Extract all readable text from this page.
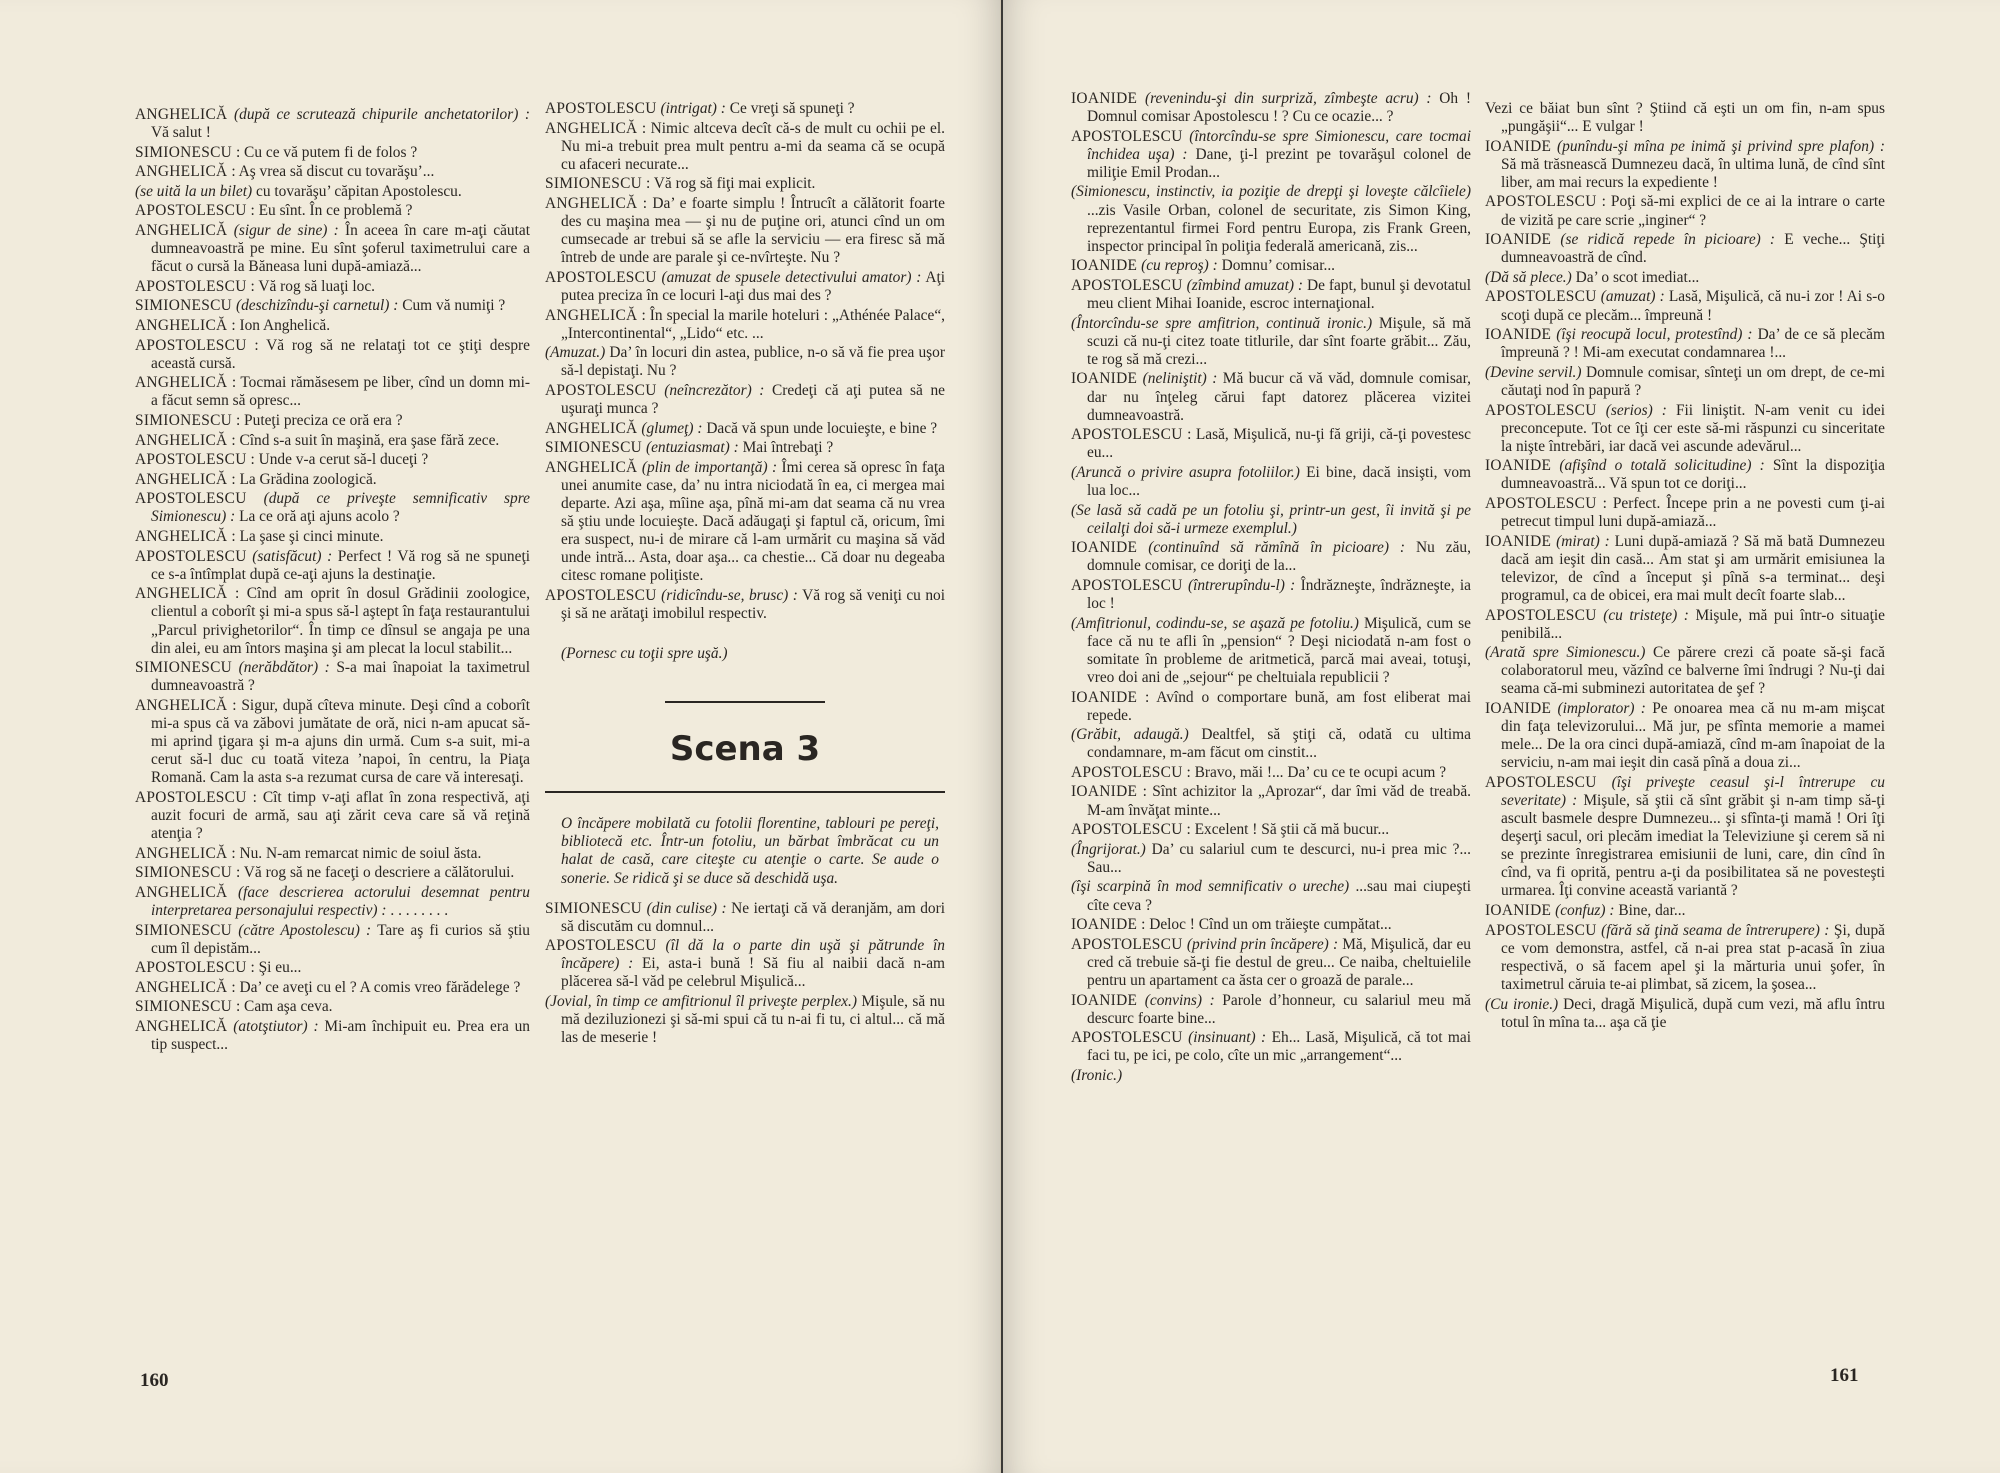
ANGHELICĂ (după ce scrutează chipurile anchetatorilor) : Vă salut !

SIMIONESCU : Cu ce vă putem fi de folos ?

ANGHELICĂ : Aş vrea să discut cu tovarăşu’...

(se uită la un bilet) cu tovarăşu’ căpitan Apostolescu.

APOSTOLESCU : Eu sînt. În ce problemă ?

ANGHELICĂ (sigur de sine) : În aceea în care m-aţi căutat dumneavoastră pe mine. Eu sînt şoferul taximetrului care a făcut o cursă la Băneasa luni după-amiază...

APOSTOLESCU : Vă rog să luaţi loc.

SIMIONESCU (deschizîndu-şi carnetul) : Cum vă numiţi ?

ANGHELICĂ : Ion Anghelică.

APOSTOLESCU : Vă rog să ne relataţi tot ce ştiţi despre această cursă.

ANGHELICĂ : Tocmai rămăsesem pe liber, cînd un domn mi-a făcut semn să opresc...

SIMIONESCU : Puteţi preciza ce oră era ?

ANGHELICĂ : Cînd s-a suit în maşină, era şase fără zece.

APOSTOLESCU : Unde v-a cerut să-l duceţi ?

ANGHELICĂ : La Grădina zoologică.

APOSTOLESCU (după ce priveşte semnificativ spre Simionescu) : La ce oră aţi ajuns acolo ?

ANGHELICĂ : La şase şi cinci minute.

APOSTOLESCU (satisfăcut) : Perfect ! Vă rog să ne spuneţi ce s-a întîmplat după ce-aţi ajuns la destinaţie.

ANGHELICĂ : Cînd am oprit în dosul Grădinii zoologice, clientul a coborît şi mi-a spus să-l aştept în faţa restaurantului „Parcul privighetorilor“. În timp ce dînsul se angaja pe una din alei, eu am întors maşina şi am plecat la locul stabilit...

SIMIONESCU (nerăbdător) : S-a mai înapoiat la taximetrul dumneavoastră ?

ANGHELICĂ : Sigur, după cîteva minute. Deşi cînd a coborît mi-a spus că va zăbovi jumătate de oră, nici n-am apucat să-mi aprind ţigara şi m-a ajuns din urmă. Cum s-a suit, mi-a cerut să-l duc cu toată viteza ’napoi, în centru, la Piaţa Romană. Cam la asta s-a rezumat cursa de care vă interesaţi.

APOSTOLESCU : Cît timp v-aţi aflat în zona respectivă, aţi auzit focuri de armă, sau aţi zărit ceva care să vă reţină atenţia ?

ANGHELICĂ : Nu. N-am remarcat nimic de soiul ăsta.

SIMIONESCU : Vă rog să ne faceţi o descriere a călătorului.

ANGHELICĂ (face descrierea actorului desemnat pentru interpretarea personajului respectiv) : . . . . . . . .

SIMIONESCU (către Apostolescu) : Tare aş fi curios să ştiu cum îl depistăm...

APOSTOLESCU : Şi eu...

ANGHELICĂ : Da’ ce aveţi cu el ? A comis vreo fărădelege ?

SIMIONESCU : Cam aşa ceva.

ANGHELICĂ (atotştiutor) : Mi-am închipuit eu. Prea era un tip suspect...

APOSTOLESCU (intrigat) : Ce vreţi să spuneţi ?

ANGHELICĂ : Nimic altceva decît că-s de mult cu ochii pe el. Nu mi-a trebuit prea mult pentru a-mi da seama că se ocupă cu afaceri necurate...

SIMIONESCU : Vă rog să fiţi mai explicit.

ANGHELICĂ : Da’ e foarte simplu ! Întrucît a călătorit foarte des cu maşina mea — şi nu de puţine ori, atunci cînd un om cumsecade ar trebui să se afle la serviciu — era firesc să mă întreb de unde are parale şi ce-nvîrteşte. Nu ?

APOSTOLESCU (amuzat de spusele detectivului amator) : Aţi putea preciza în ce locuri l-aţi dus mai des ?

ANGHELICĂ : În special la marile hoteluri : „Athénée Palace“, „Intercontinental“, „Lido“ etc. ...

(Amuzat.) Da’ în locuri din astea, publice, n-o să vă fie prea uşor să-l depistaţi. Nu ?

APOSTOLESCU (neîncrezător) : Credeţi că aţi putea să ne uşuraţi munca ?

ANGHELICĂ (glumeţ) : Dacă vă spun unde locuieşte, e bine ?

SIMIONESCU (entuziasmat) : Mai întrebaţi ?

ANGHELICĂ (plin de importanţă) : Îmi cerea să opresc în faţa unei anumite case, da’ nu intra niciodată în ea, ci mergea mai departe. Azi aşa, mîine aşa, pînă mi-am dat seama că nu vrea să ştiu unde locuieşte. Dacă adăugaţi şi faptul că, oricum, îmi era suspect, nu-i de mirare că l-am urmărit cu maşina să văd unde intră... Asta, doar aşa... ca chestie... Că doar nu degeaba citesc romane poliţiste.

APOSTOLESCU (ridicîndu-se, brusc) : Vă rog să veniţi cu noi şi să ne arătaţi imobilul respectiv.

(Pornesc cu toţii spre uşă.)

Scena 3

O încăpere mobilată cu fotolii florentine, tablouri pe pereţi, bibliotecă etc. Într-un fotoliu, un bărbat îmbrăcat cu un halat de casă, care citeşte cu atenţie o carte. Se aude o sonerie. Se ridică şi se duce să deschidă uşa.

SIMIONESCU (din culise) : Ne iertaţi că vă deranjăm, am dori să discutăm cu domnul...

APOSTOLESCU (îl dă la o parte din uşă şi pătrunde în încăpere) : Ei, asta-i bună ! Să fiu al naibii dacă n-am plăcerea să-l văd pe celebrul Mişulică...

(Jovial, în timp ce amfitrionul îl priveşte perplex.) Mişule, să nu mă deziluzionezi şi să-mi spui că tu n-ai fi tu, ci altul... că mă las de meserie !

160

IOANIDE (revenindu-şi din surpriză, zîmbeşte acru) : Oh ! Domnul comisar Apostolescu ! ? Cu ce ocazie... ?

APOSTOLESCU (întorcîndu-se spre Simionescu, care tocmai închidea uşa) : Dane, ţi-l prezint pe tovarăşul colonel de miliţie Emil Prodan...

(Simionescu, instinctiv, ia poziţie de drepţi şi loveşte călcîiele) ...zis Vasile Orban, colonel de securitate, zis Simon King, reprezentantul firmei Ford pentru Europa, zis Frank Green, inspector principal în poliţia federală americană, zis...

IOANIDE (cu reproş) : Domnu’ comisar...

APOSTOLESCU (zîmbind amuzat) : De fapt, bunul şi devotatul meu client Mihai Ioanide, escroc internaţional.

(Întorcîndu-se spre amfitrion, continuă ironic.) Mişule, să mă scuzi că nu-ţi citez toate titlurile, dar sînt foarte grăbit... Zău, te rog să mă crezi...

IOANIDE (neliniştit) : Mă bucur că vă văd, domnule comisar, dar nu înţeleg cărui fapt datorez plăcerea vizitei dumneavoastră.

APOSTOLESCU : Lasă, Mişulică, nu-ţi fă griji, că-ţi povestesc eu...

(Aruncă o privire asupra fotoliilor.) Ei bine, dacă insişti, vom lua loc...

(Se lasă să cadă pe un fotoliu şi, printr-un gest, îi invită şi pe ceilalţi doi să-i urmeze exemplul.)

IOANIDE (continuînd să rămînă în picioare) : Nu zău, domnule comisar, ce doriţi de la...

APOSTOLESCU (întrerupîndu-l) : Îndrăzneşte, îndrăzneşte, ia loc !

(Amfitrionul, codindu-se, se aşază pe fotoliu.) Mişulică, cum se face că nu te afli în „pension“ ? Deşi niciodată n-am fost o somitate în probleme de aritmetică, parcă mai aveai, totuşi, vreo doi ani de „sejour“ pe cheltuiala republicii ?

IOANIDE : Avînd o comportare bună, am fost eliberat mai repede.

(Grăbit, adaugă.) Dealtfel, să ştiţi că, odată cu ultima condamnare, m-am făcut om cinstit...

APOSTOLESCU : Bravo, măi !... Da’ cu ce te ocupi acum ?

IOANIDE : Sînt achizitor la „Aprozar“, dar îmi văd de treabă. M-am învăţat minte...

APOSTOLESCU : Excelent ! Să ştii că mă bucur...

(Îngrijorat.) Da’ cu salariul cum te descurci, nu-i prea mic ?... Sau...

(îşi scarpină în mod semnificativ o ureche) ...sau mai ciupeşti cîte ceva ?

IOANIDE : Deloc ! Cînd un om trăieşte cumpătat...

APOSTOLESCU (privind prin încăpere) : Mă, Mişulică, dar eu cred că trebuie să-ţi fie destul de greu... Ce naiba, cheltuielile pentru un apartament ca ăsta cer o groază de parale...

IOANIDE (convins) : Parole d’honneur, cu salariul meu mă descurc foarte bine...

APOSTOLESCU (insinuant) : Eh... Lasă, Mişulică, că tot mai faci tu, pe ici, pe colo, cîte un mic „arrangement“...

(Ironic.)

Vezi ce băiat bun sînt ? Ştiind că eşti un om fin, n-am spus „pungăşii“... E vulgar !

IOANIDE (punîndu-şi mîna pe inimă şi privind spre plafon) : Să mă trăsnească Dumnezeu dacă, în ultima lună, de cînd sînt liber, am mai recurs la expediente !

APOSTOLESCU : Poţi să-mi explici de ce ai la intrare o carte de vizită pe care scrie „inginer“ ?

IOANIDE (se ridică repede în picioare) : E veche... Ştiţi dumneavoastră de cînd.

(Dă să plece.) Da’ o scot imediat...

APOSTOLESCU (amuzat) : Lasă, Mişulică, că nu-i zor ! Ai s-o scoţi după ce plecăm... împreună !

IOANIDE (îşi reocupă locul, protestînd) : Da’ de ce să plecăm împreună ? ! Mi-am executat condamnarea !...

(Devine servil.) Domnule comisar, sînteţi un om drept, de ce-mi căutaţi nod în papură ?

APOSTOLESCU (serios) : Fii liniştit. N-am venit cu idei preconcepute. Tot ce îţi cer este să-mi răspunzi cu sinceritate la nişte întrebări, iar dacă vei ascunde adevărul...

IOANIDE (afişînd o totală solicitudine) : Sînt la dispoziţia dumneavoastră... Vă spun tot ce doriţi...

APOSTOLESCU : Perfect. Începe prin a ne povesti cum ţi-ai petrecut timpul luni după-amiază...

IOANIDE (mirat) : Luni după-amiază ? Să mă bată Dumnezeu dacă am ieşit din casă... Am stat şi am urmărit emisiunea la televizor, de cînd a început şi pînă s-a terminat... deşi programul, ca de obicei, era mai mult decît foarte slab...

APOSTOLESCU (cu tristeţe) : Mişule, mă pui într-o situaţie penibilă...

(Arată spre Simionescu.) Ce părere crezi că poate să-şi facă colaboratorul meu, văzînd ce balverne îmi îndrugi ? Nu-ţi dai seama că-mi subminezi autoritatea de şef ?

IOANIDE (implorator) : Pe onoarea mea că nu m-am mişcat din faţa televizorului... Mă jur, pe sfînta memorie a mamei mele... De la ora cinci după-amiază, cînd m-am înapoiat de la serviciu, n-am mai ieşit din casă pînă a doua zi...

APOSTOLESCU (îşi priveşte ceasul şi-l întrerupe cu severitate) : Mişule, să ştii că sînt grăbit şi n-am timp să-ţi ascult basmele despre Dumnezeu... şi sfînta-ţi mamă ! Ori îţi deşerţi sacul, ori plecăm imediat la Televiziune şi cerem să ni se prezinte înregistrarea emisiunii de luni, care, din cînd în cînd, va fi oprită, pentru a-ţi da posibilitatea să ne povesteşti urmarea. Îţi convine această variantă ?

IOANIDE (confuz) : Bine, dar...

APOSTOLESCU (fără să ţină seama de întrerupere) : Şi, după ce vom demonstra, astfel, că n-ai prea stat p-acasă în ziua respectivă, o să facem apel şi la mărturia unui şofer, în taximetrul căruia te-ai plimbat, să zicem, la şosea...

(Cu ironie.) Deci, dragă Mişulică, după cum vezi, mă aflu întru totul în mîna ta... aşa că ţie

161
